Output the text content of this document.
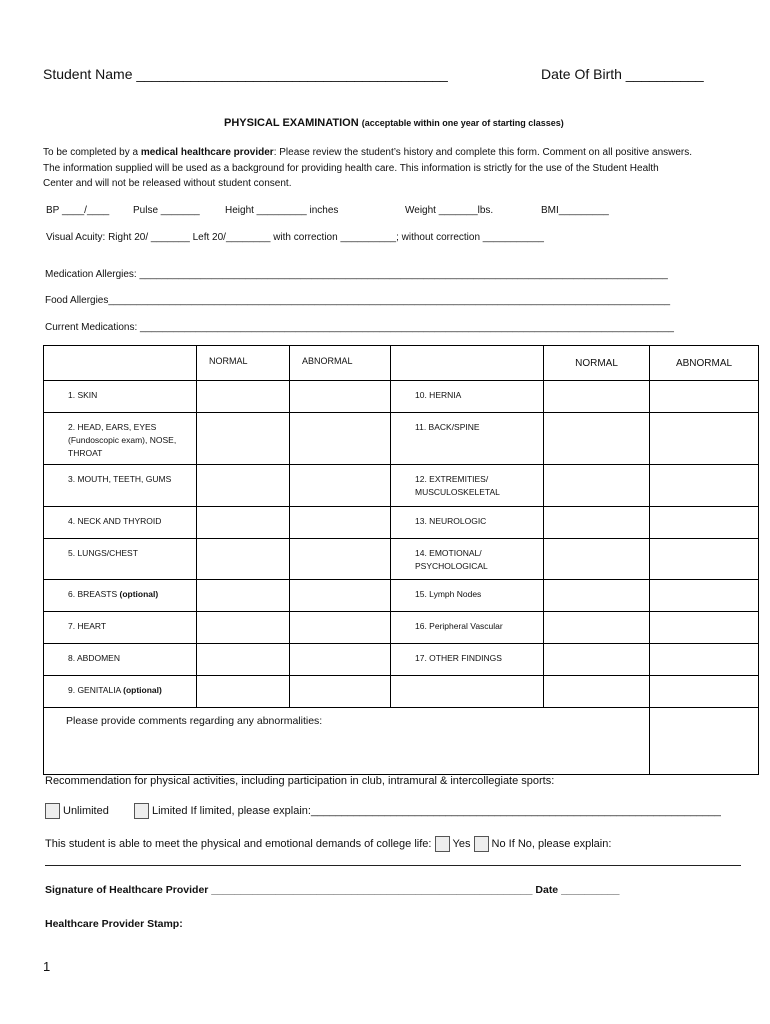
Student Name ________________________________________	Date Of Birth __________
PHYSICAL EXAMINATION (acceptable within one year of starting classes)
To be completed by a medical healthcare provider: Please review the student’s history and complete this form. Comment on all positive answers.
The information supplied will be used as a background for providing health care. This information is strictly for the use of the Student Health
Center and will not be released without student consent.
BP ____/____ Pulse _______	Height _________ inches	Weight _______lbs.	BMI_________
Visual Acuity: Right 20/ _______ Left 20/________ with correction __________; without correction ___________
Medication Allergies: _______________________________________________________________________________________________
Food Allergies_____________________________________________________________________________________________________
Current Medications: ________________________________________________________________________________________________

	NORMAL	ABNORMAL		NORMAL	ABNORMAL

1. SKIN			10. HERNIA		

2. HEAD, EARS, EYES (Fundoscopic exam), NOSE, THROAT			11. BACK/SPINE		

3. MOUTH, TEETH, GUMS			12. EXTREMITIES/ MUSCULOSKELETAL		

4. NECK AND THYROID			13. NEUROLOGIC		

5. LUNGS/CHEST			14. EMOTIONAL/ PSYCHOLOGICAL		

6. BREASTS (optional)			15. Lymph Nodes		

7. HEART			16. Peripheral Vascular		

8. ABDOMEN			17. OTHER FINDINGS		

9. GENITALIA (optional)					

Please provide comments regarding any abnormalities:					

Recommendation for physical activities, including participation in club, intramural & intercollegiate sports:
Unlimited	Limited If limited, please explain:___________________________________________________________________
This student is able to meet the physical and emotional demands of college life: Yes No If No, please explain:
Signature of Healthcare Provider _______________________________________________________ Date __________
Healthcare Provider Stamp:
1
